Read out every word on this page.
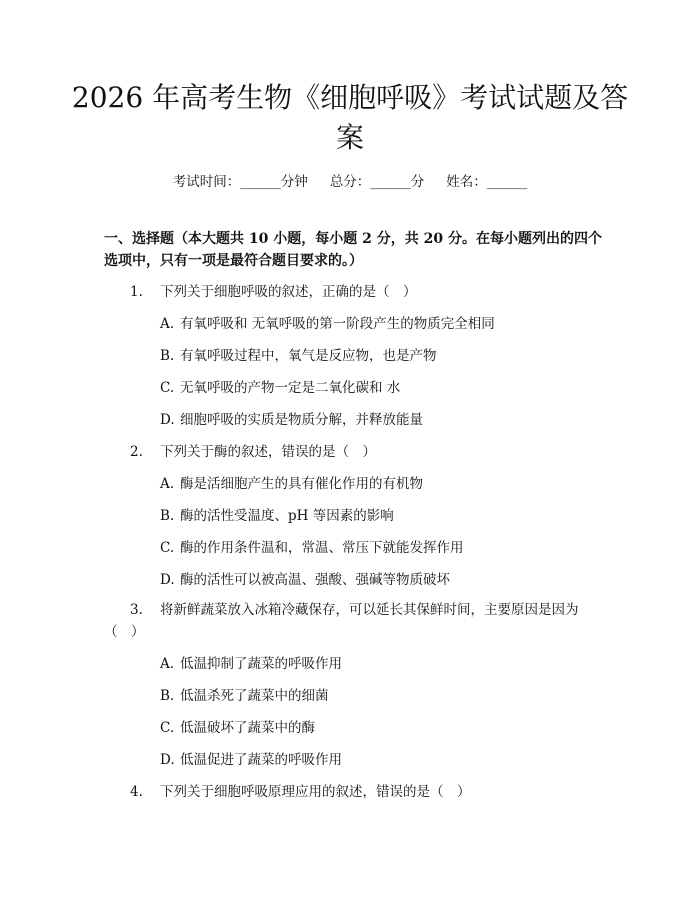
2026 年高考生物《细胞呼吸》考试试题及答案
考试时间：______分钟 总分：______分 姓名：______

一、选择题（本大题共 10 小题，每小题 2 分，共 20 分。在每小题列出的四个选项中，只有一项是最符合题目要求的。）

1. 下列关于细胞呼吸的叙述，正确的是（　）
A. 有氧呼吸和 无氧呼吸的第一阶段产生的物质完全相同
B. 有氧呼吸过程中，氧气是反应物，也是产物
C. 无氧呼吸的产物一定是二氧化碳和 水
D. 细胞呼吸的实质是物质分解，并释放能量
2. 下列关于酶的叙述，错误的是（　）
A. 酶是活细胞产生的具有催化作用的有机物
B. 酶的活性受温度、pH 等因素的影响
C. 酶的作用条件温和，常温、常压下就能发挥作用
D. 酶的活性可以被高温、强酸、强碱等物质破坏
3. 将新鲜蔬菜放入冰箱冷藏保存，可以延长其保鲜时间，主要原因是因为（　）
A. 低温抑制了蔬菜的呼吸作用
B. 低温杀死了蔬菜中的细菌
C. 低温破坏了蔬菜中的酶
D. 低温促进了蔬菜的呼吸作用
4. 下列关于细胞呼吸原理应用的叙述，错误的是（　）
